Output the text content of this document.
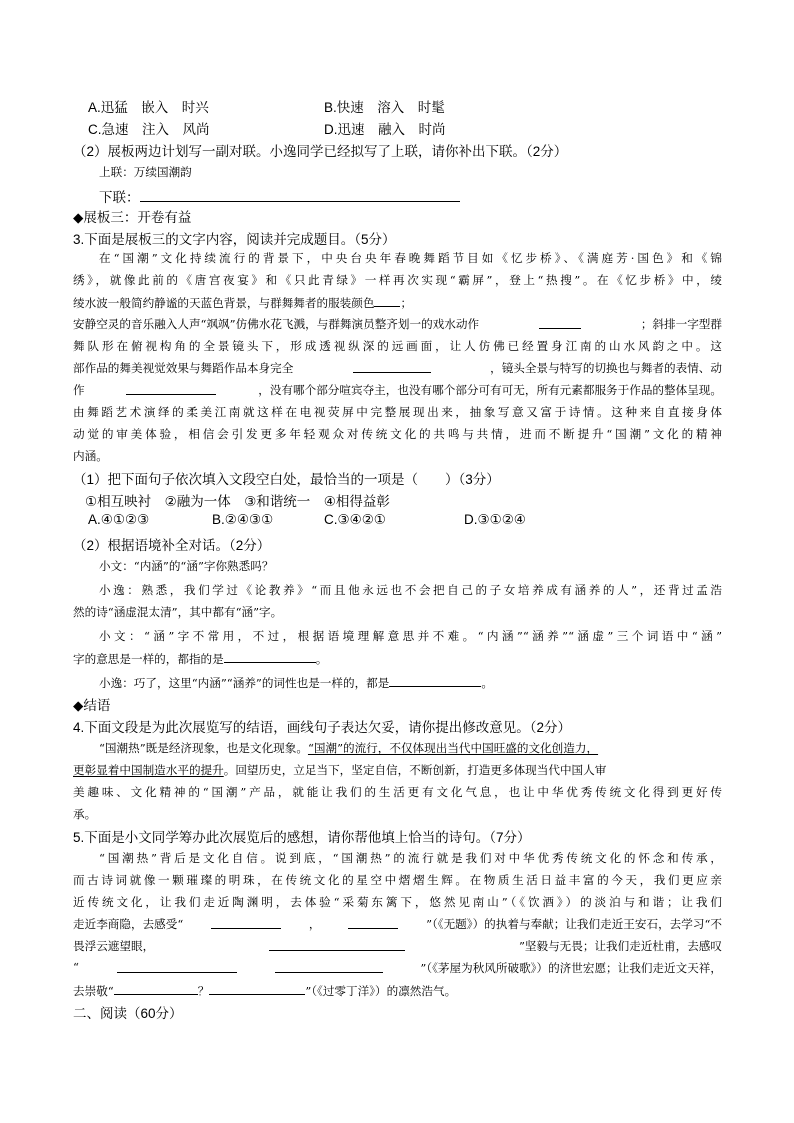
A.迅猛　嵌入　时兴	B.快速　溶入　时髦
C.急速　注入　风尚	D.迅速　融入　时尚
（2）展板两边计划写一副对联。小逸同学已经拟写了上联，请你补出下联。（2分）
上联：万续国潮韵
下联：
◆展板三：开卷有益
3.下面是展板三的文字内容，阅读并完成题目。（5分）
在“国潮”文化持续流行的背景下，中央台央年春晚舞蹈节目如《忆步桥》、《满庭芳·国色》和《锦
绣》，就像此前的《唐宫夜宴》和《只此青绿》一样再次实现“霸屏”，登上“热搜”。在《忆步桥》中，绫
绫水波一般简约静谧的天蓝色背景，与群舞舞者的服装颜色 ；
安静空灵的音乐融入人声“飒飒”仿佛水花飞溅，与群舞演员整齐划一的戏水动作	；斜排一字型群
舞队形在俯视构角的全景镜头下，形成透视纵深的远画面，让人仿佛已经置身江南的山水风韵之中。这
部作品的舞美视觉效果与舞蹈作品本身完全	，镜头全景与特写的切换也与舞者的表情、动
作	，没有哪个部分喧宾夺主，也没有哪个部分可有可无，所有元素都服务于作品的整体呈现。
由舞蹈艺术演绎的柔美江南就这样在电视荧屏中完整展现出来，抽象写意又富于诗情。这种来自直接身体
动觉的审美体验，相信会引发更多年轻观众对传统文化的共鸣与共情，进而不断提升“国潮”文化的精神
内涵。
（1）把下面句子依次填入文段空白处，最恰当的一项是（　　）（3分）
①相互映衬　②融为一体　③和谐统一　④相得益彰
A.④①②③	B.②④③①	C.③④②①	D.③①②④
（2）根据语境补全对话。（2分）
小文：“内涵”的“涵”字你熟悉吗？
小逸：熟悉，我们学过《论教养》“而且他永远也不会把自己的子女培养成有涵养的人”，还背过孟浩
然的诗“涵虚混太清”，其中都有“涵”字。
小文：“涵”字不常用，不过，根据语境理解意思并不难。“内涵”“涵养”“涵虚”三个词语中“涵”
字的意思是一样的，都指的是	。
小逸：巧了，这里“内涵”“涵养”的词性也是一样的，都是	。
◆结语
4.下面文段是为此次展览写的结语，画线句子表达欠妥，请你提出修改意见。（2分）
“国潮热”既是经济现象，也是文化现象。“国潮”的流行，不仅体现出当代中国旺盛的文化创造力，
更彰显着中国制造水平的提升。回望历史，立足当下，坚定自信，不断创新，打造更多体现当代中国人审
美趣味、文化精神的“国潮”产品，就能让我们的生活更有文化气息，也让中华优秀传统文化得到更好传
承。
5.下面是小文同学筹办此次展览后的感想，请你帮他填上恰当的诗句。（7分）
“国潮热”背后是文化自信。说到底，“国潮热”的流行就是我们对中华优秀传统文化的怀念和传承，
而古诗词就像一颗璀璨的明珠，在传统文化的星空中熠熠生辉。在物质生活日益丰富的今天，我们更应亲
近传统文化，让我们走近陶渊明，去体验“采菊东篱下，悠然见南山”（《饮酒》）的淡泊与和谐；让我们
走近李商隐，去感受“	，	”（《无题》）的执着与奉献；让我们走近王安石，去学习“不
畏浮云遮望眼，	”坚毅与无畏；让我们走近杜甫，去感叹
“	”（《茅屋为秋风所破歌》）的济世宏愿；让我们走近文天祥，
去崇敬“	？	”（《过零丁洋》）的凛然浩气。
二、阅读（60分）
